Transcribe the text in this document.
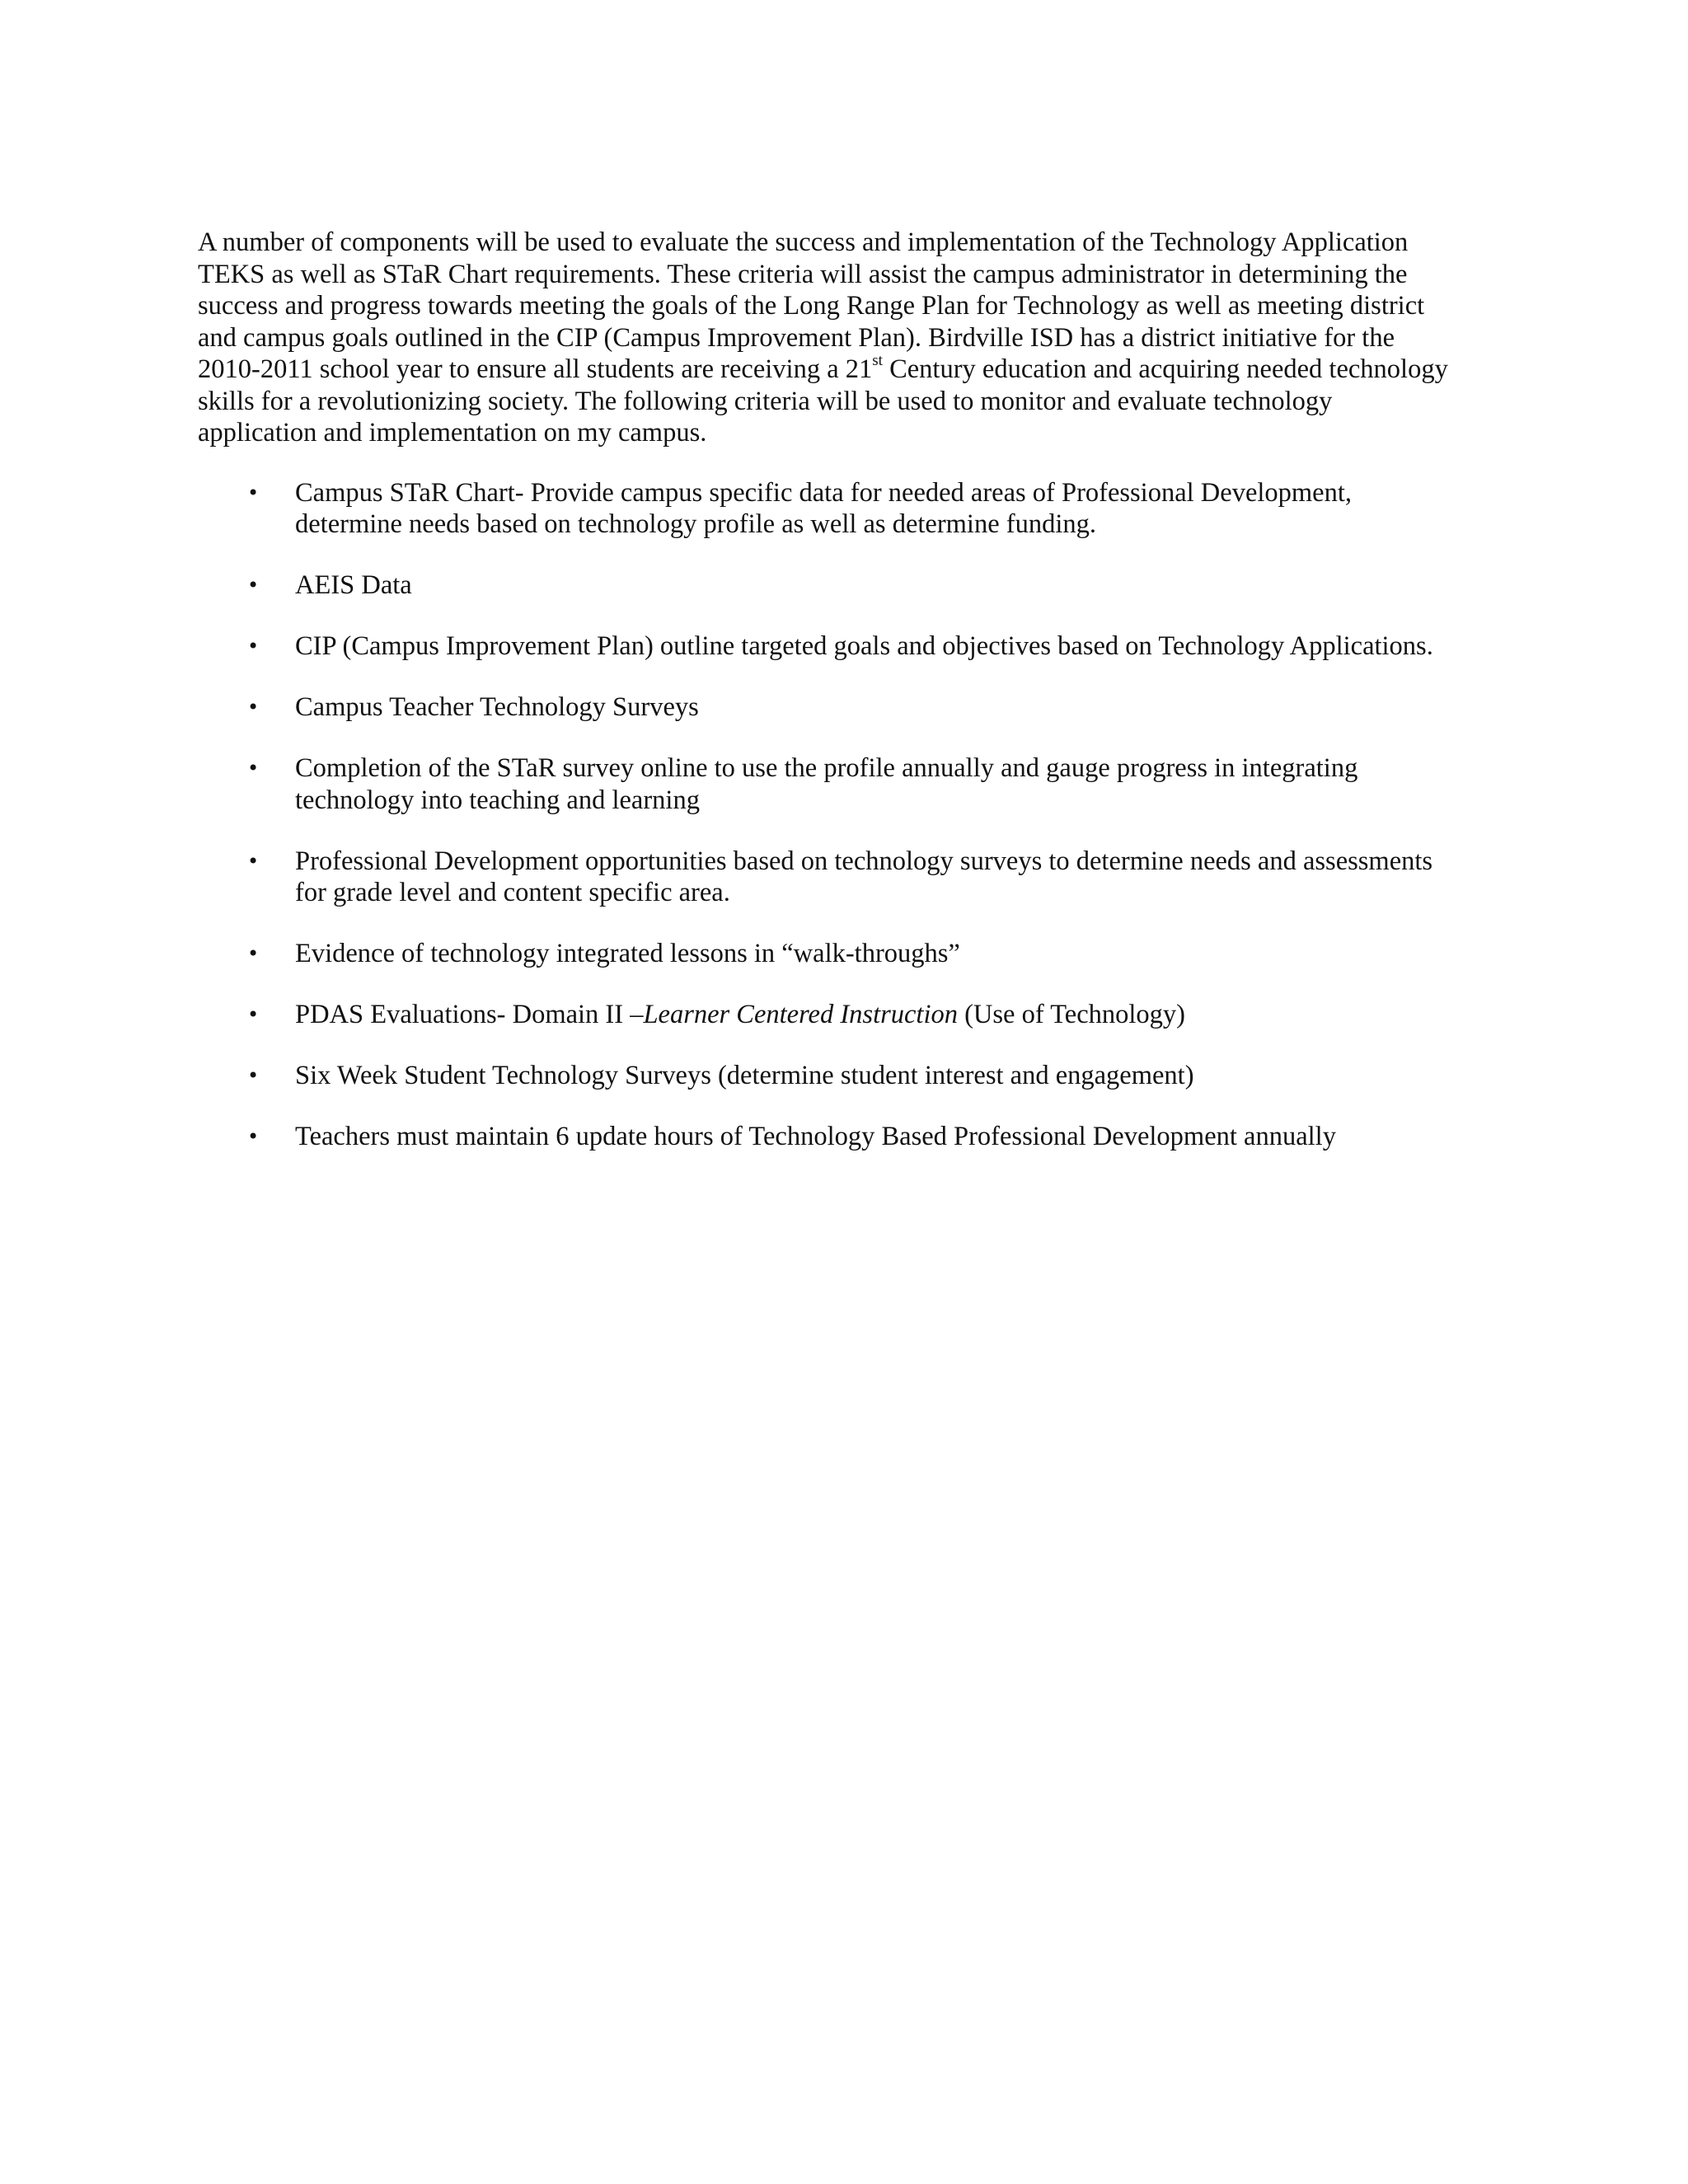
A number of components will be used to evaluate the success and implementation of the Technology Application
TEKS as well as STaR Chart requirements. These criteria will assist the campus administrator in determining the
success and progress towards meeting the goals of the Long Range Plan for Technology as well as meeting district
and campus goals outlined in the CIP (Campus Improvement Plan). Birdville ISD has a district initiative for the
2010-2011 school year to ensure all students are receiving a 21st Century education and acquiring needed technology
skills for a revolutionizing society. The following criteria will be used to monitor and evaluate technology
application and implementation on my campus.

• Campus STaR Chart- Provide campus specific data for needed areas of Professional Development,
determine needs based on technology profile as well as determine funding.
• AEIS Data
• CIP (Campus Improvement Plan) outline targeted goals and objectives based on Technology Applications.
• Campus Teacher Technology Surveys
• Completion of the STaR survey online to use the profile annually and gauge progress in integrating
technology into teaching and learning
• Professional Development opportunities based on technology surveys to determine needs and assessments
for grade level and content specific area.
• Evidence of technology integrated lessons in “walk-throughs”
• PDAS Evaluations- Domain II –Learner Centered Instruction (Use of Technology)
• Six Week Student Technology Surveys (determine student interest and engagement)
• Teachers must maintain 6 update hours of Technology Based Professional Development annually
